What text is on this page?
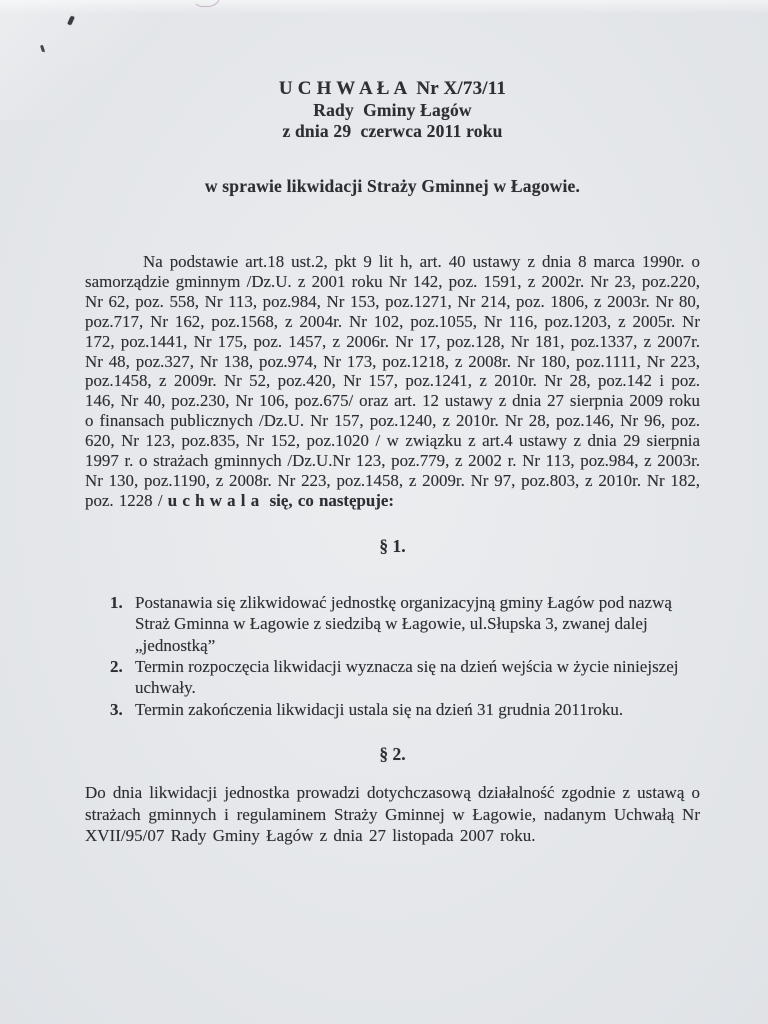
U C H W A Ł A  Nr X/73/11
Rady  Gminy Łagów
z dnia 29  czerwca 2011 roku
w sprawie likwidacji Straży Gminnej w Łagowie.

Na podstawie art.18 ust.2, pkt 9 lit h, art. 40 ustawy z dnia 8 marca 1990r. o samorządzie gminnym /Dz.U. z 2001 roku Nr 142, poz. 1591, z 2002r. Nr 23, poz.220, Nr 62, poz. 558, Nr 113, poz.984, Nr 153, poz.1271, Nr 214, poz. 1806, z 2003r. Nr 80, poz.717, Nr 162, poz.1568, z 2004r. Nr 102, poz.1055, Nr 116, poz.1203, z 2005r. Nr 172, poz.1441, Nr 175, poz. 1457, z 2006r. Nr 17, poz.128, Nr 181, poz.1337, z 2007r. Nr 48, poz.327, Nr 138, poz.974, Nr 173, poz.1218, z 2008r. Nr 180, poz.1111, Nr 223, poz.1458, z 2009r. Nr 52, poz.420, Nr 157, poz.1241, z 2010r. Nr 28, poz.142 i poz. 146, Nr 40, poz.230, Nr 106, poz.675/ oraz art. 12 ustawy z dnia 27 sierpnia 2009 roku o finansach publicznych /Dz.U. Nr 157, poz.1240, z 2010r. Nr 28, poz.146, Nr 96, poz. 620, Nr 123, poz.835, Nr 152, poz.1020 / w związku z art.4 ustawy z dnia 29 sierpnia 1997 r. o strażach gminnych /Dz.U.Nr 123, poz.779, z 2002 r. Nr 113, poz.984, z 2003r. Nr 130, poz.1190, z 2008r. Nr 223, poz.1458, z 2009r. Nr 97, poz.803, z 2010r. Nr 182, poz. 1228 / u c h w a l a  się, co następuje:

§ 1.
1. Postanawia się zlikwidować jednostkę organizacyjną gminy Łagów pod nazwą Straż Gminna w Łagowie z siedzibą w Łagowie, ul.Słupska 3, zwanej dalej „jednostką”
2. Termin rozpoczęcia likwidacji wyznacza się na dzień wejścia w życie niniejszej uchwały.
3. Termin zakończenia likwidacji ustala się na dzień 31 grudnia 2011roku.
§ 2.

Do dnia likwidacji jednostka prowadzi dotychczasową działalność zgodnie z ustawą o strażach gminnych i regulaminem Straży Gminnej w Łagowie, nadanym Uchwałą Nr XVII/95/07 Rady Gminy Łagów z dnia 27 listopada 2007 roku.
